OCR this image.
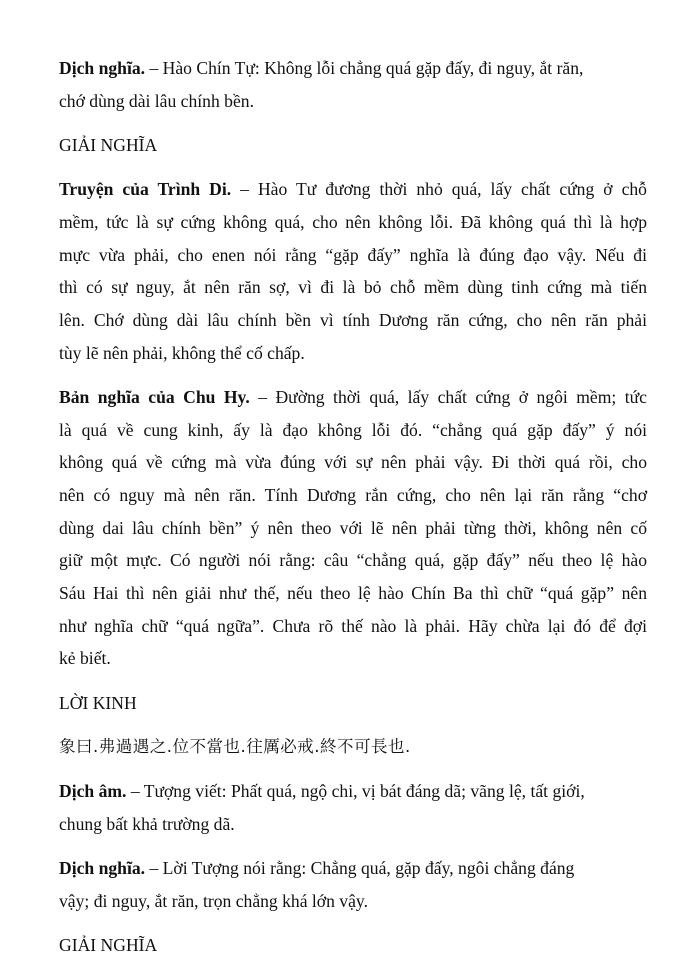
Dịch nghĩa. – Hào Chín Tự: Không lỗi chẳng quá gặp đấy, đi nguy, ắt răn,
chớ dùng dài lâu chính bền.
GIẢI NGHĨA
Truyện của Trình Di. – Hào Tư đương thời nhỏ quá, lấy chất cứng ở chỗ
mềm, tức là sự cứng không quá, cho nên không lỗi. Đã không quá thì là hợp
mực vừa phải, cho enen nói rằng “gặp đấy” nghĩa là đúng đạo vậy. Nếu đi
thì có sự nguy, ắt nên răn sợ, vì đi là bỏ chỗ mềm dùng tinh cứng mà tiến
lên. Chớ dùng dài lâu chính bền vì tính Dương răn cứng, cho nên răn phải
tùy lẽ nên phải, không thể cố chấp.
Bản nghĩa của Chu Hy. – Đường thời quá, lấy chất cứng ở ngôi mềm; tức
là quá về cung kinh, ấy là đạo không lỗi đó. “chẳng quá gặp đấy” ý nói
không quá về cứng mà vừa đúng với sự nên phải vậy. Đi thời quá rồi, cho
nên có nguy mà nên răn. Tính Dương rắn cứng, cho nên lại răn rằng “chơ
dùng dai lâu chính bền” ý nên theo với lẽ nên phải từng thời, không nên cố
giữ một mực. Có người nói rằng: câu “chẳng quá, gặp đấy” nếu theo lệ hào
Sáu Hai thì nên giải như thế, nếu theo lệ hào Chín Ba thì chữ “quá gặp” nên
như nghĩa chữ “quá ngữa”. Chưa rõ thế nào là phải. Hãy chừa lại đó để đợi
kẻ biết.
LỜI KINH
象曰.弗過遇之.位不當也.往厲必戒.終不可長也.
Dịch âm. – Tượng viết: Phất quá, ngộ chi, vị bát đáng dã; vãng lệ, tất giới,
chung bất khả trường dã.
Dịch nghĩa. – Lời Tượng nói rằng: Chẳng quá, gặp đấy, ngôi chẳng đáng
vậy; đi nguy, ắt răn, trọn chẳng khá lớn vậy.
GIẢI NGHĨA
